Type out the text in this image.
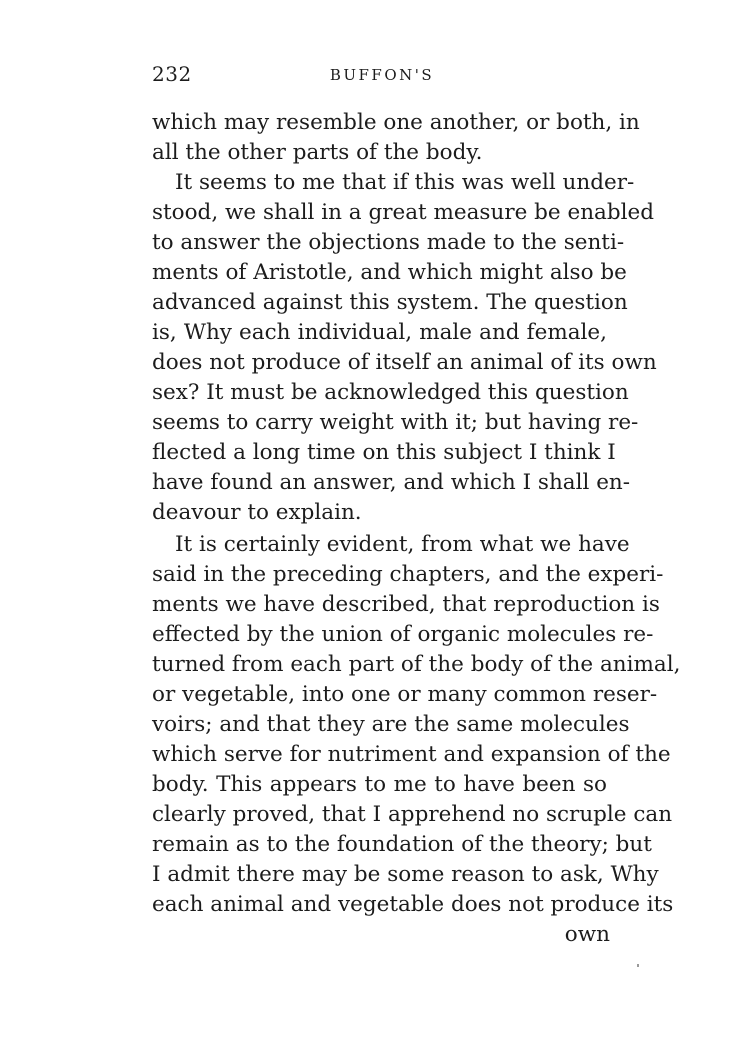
232	BUFFON'S
which may resemble one another, or both, in
all the other parts of the body.
It seems to me that if this was well under-
stood, we shall in a great measure be enabled
to answer the objections made to the senti-
ments of Aristotle, and which might also be
advanced against this system. The question
is, Why each individual, male and female,
does not produce of itself an animal of its own
sex? It must be acknowledged this question
seems to carry weight with it; but having re-
flected a long time on this subject I think I
have found an answer, and which I shall en-
deavour to explain.
It is certainly evident, from what we have
said in the preceding chapters, and the experi-
ments we have described, that reproduction is
effected by the union of organic molecules re-
turned from each part of the body of the animal,
or vegetable, into one or many common reser-
voirs; and that they are the same molecules
which serve for nutriment and expansion of the
body. This appears to me to have been so
clearly proved, that I apprehend no scruple can
remain as to the foundation of the theory; but
I admit there may be some reason to ask, Why
each animal and vegetable does not produce its
own
